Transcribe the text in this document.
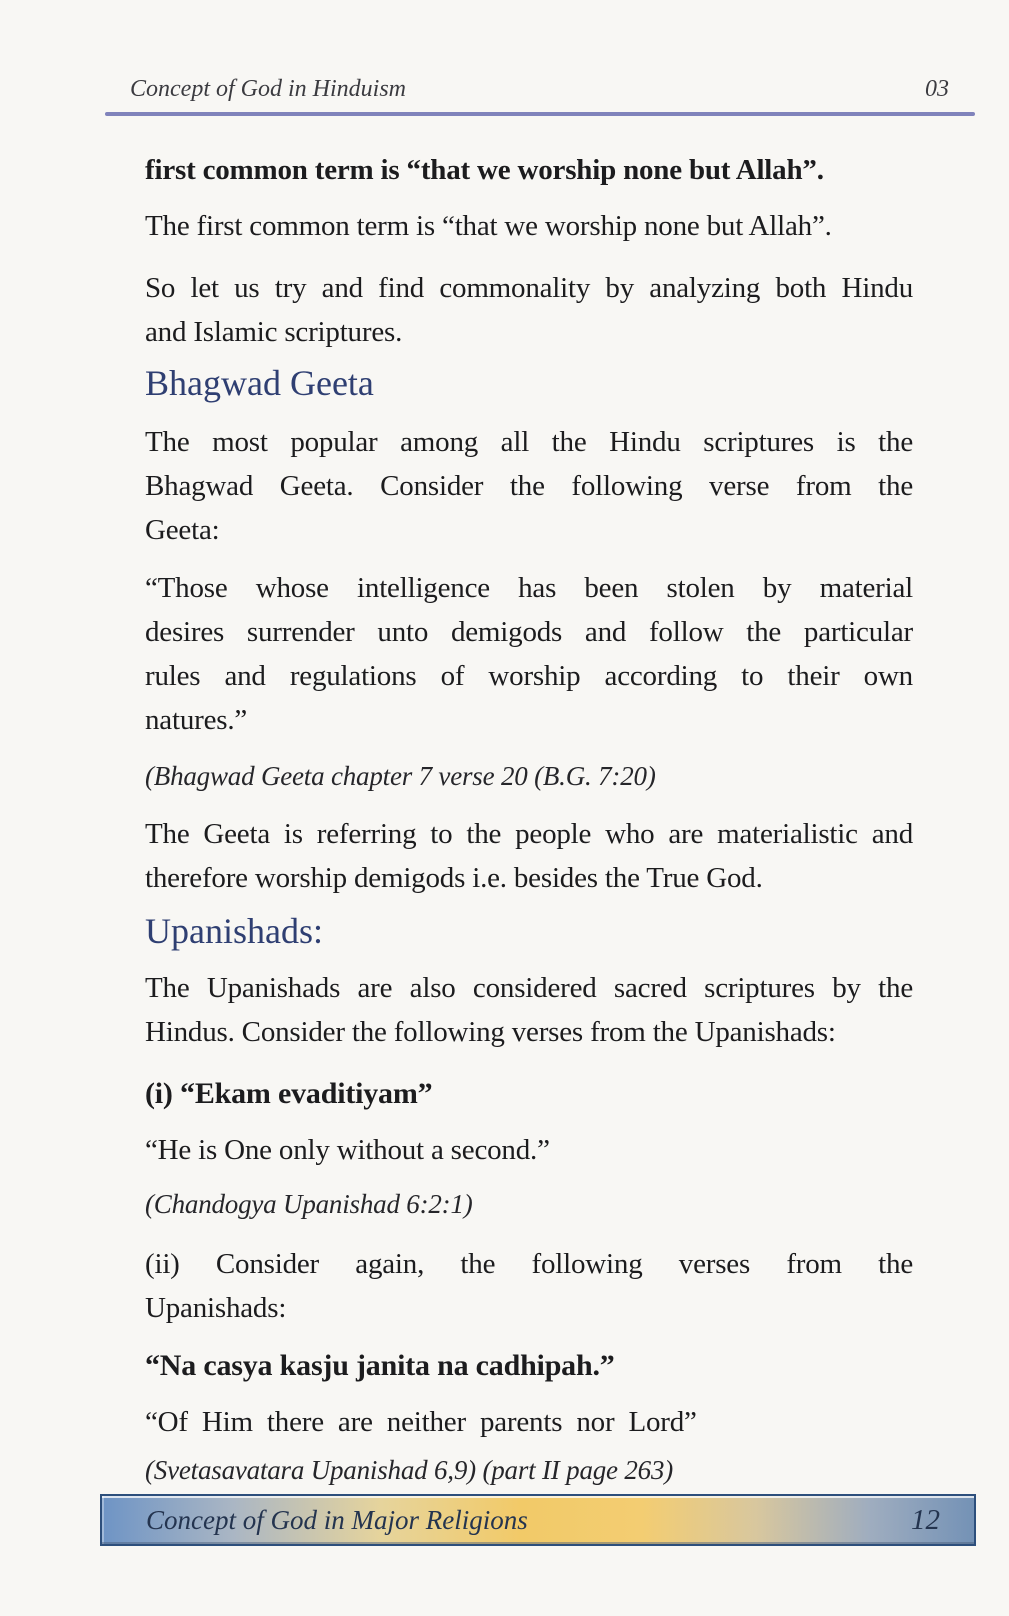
Concept of God in Hinduism	03
first common term is “that we worship none but Allah”.
The first common term is “that we worship none but Allah”.
So let us try and find commonality by analyzing both Hindu
and Islamic scriptures.
Bhagwad Geeta
The most popular among all the Hindu scriptures is the
Bhagwad Geeta. Consider the following verse from the
Geeta:
“Those whose intelligence has been stolen by material
desires surrender unto demigods and follow the particular
rules and regulations of worship according to their own
natures.”
(Bhagwad Geeta chapter 7 verse 20 (B.G. 7:20)
The Geeta is referring to the people who are materialistic and
therefore worship demigods i.e. besides the True God.
Upanishads:
The Upanishads are also considered sacred scriptures by the
Hindus. Consider the following verses from the Upanishads:
(i) “Ekam evaditiyam”
“He is One only without a second.”
(Chandogya Upanishad 6:2:1)
(ii) Consider again, the following verses from the
Upanishads:
“Na casya kasju janita na cadhipah.”
“Of Him there are neither parents nor Lord”
(Svetasavatara Upanishad 6,9) (part II page 263)
Concept of God in Major Religions	12
